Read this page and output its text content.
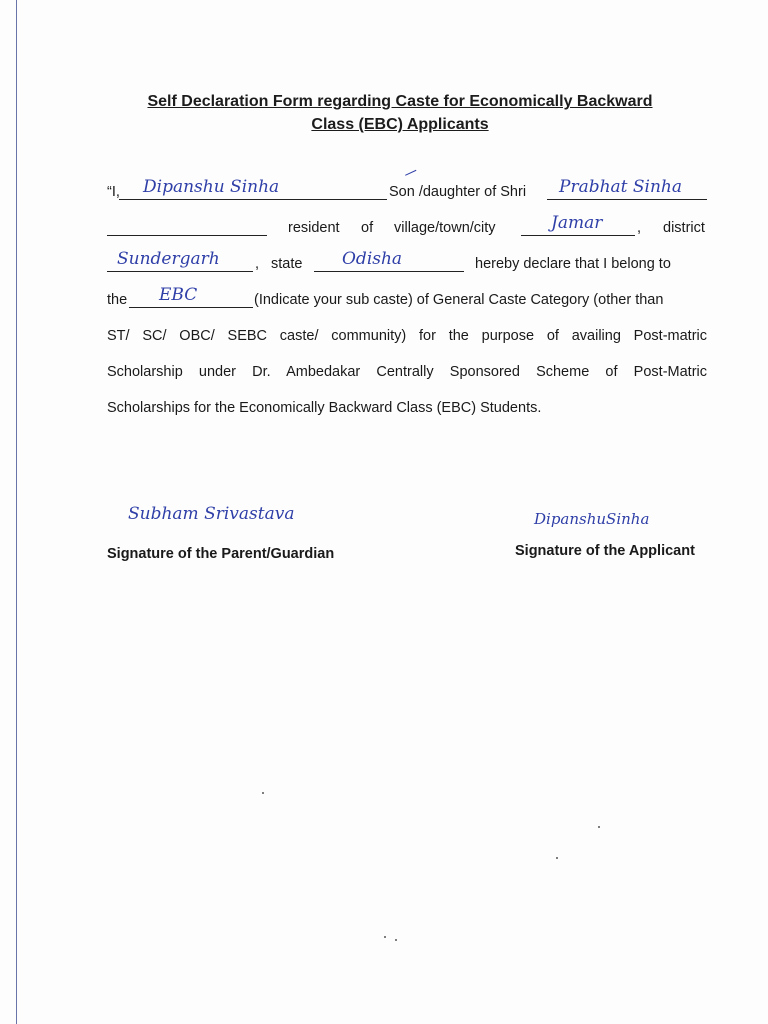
Self Declaration Form regarding Caste for Economically Backward
Class (EBC) Applicants
“I, Dipanshu Sinha	Son /daughter of Shri Prabhat Sinha
resident of village/town/city	Jamar , district
Sundergarh , state Odisha	hereby declare that I belong to
the EBC	(Indicate your sub caste) of General Caste Category (other than
ST/ SC/ OBC/ SEBC caste/ community) for the purpose of availing Post-matric
Scholarship under Dr. Ambedakar Centrally Sponsored Scheme of Post-Matric
Scholarships for the Economically Backward Class (EBC) Students.
Subham Srivastava
Signature of the Parent/Guardian
DipanshuSinha
Signature of the Applicant
